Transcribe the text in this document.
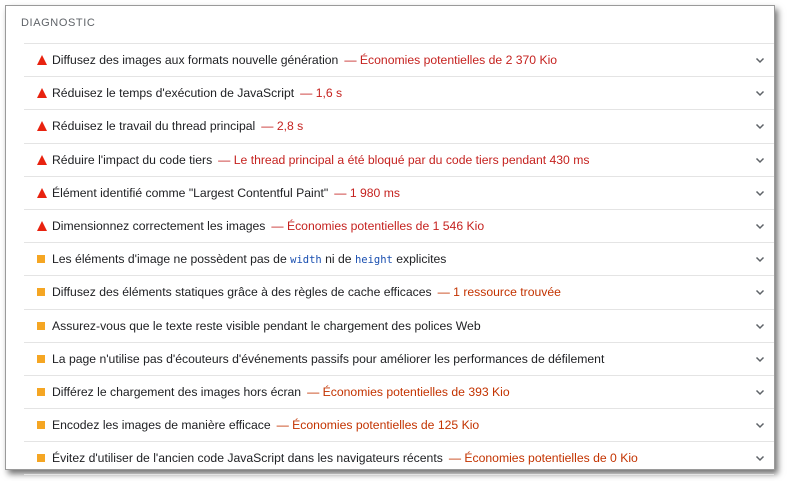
DIAGNOSTIC
Diffusez des images aux formats nouvelle génération — Économies potentielles de 2 370 Kio
Réduisez le temps d'exécution de JavaScript — 1,6 s
Réduisez le travail du thread principal — 2,8 s
Réduire l'impact du code tiers — Le thread principal a été bloqué par du code tiers pendant 430 ms
Élément identifié comme "Largest Contentful Paint" — 1 980 ms
Dimensionnez correctement les images — Économies potentielles de 1 546 Kio
Les éléments d'image ne possèdent pas de width ni de height explicites
Diffusez des éléments statiques grâce à des règles de cache efficaces — 1 ressource trouvée
Assurez-vous que le texte reste visible pendant le chargement des polices Web
La page n'utilise pas d'écouteurs d'événements passifs pour améliorer les performances de défilement
Différez le chargement des images hors écran — Économies potentielles de 393 Kio
Encodez les images de manière efficace — Économies potentielles de 125 Kio
Évitez d'utiliser de l'ancien code JavaScript dans les navigateurs récents — Économies potentielles de 0 Kio
